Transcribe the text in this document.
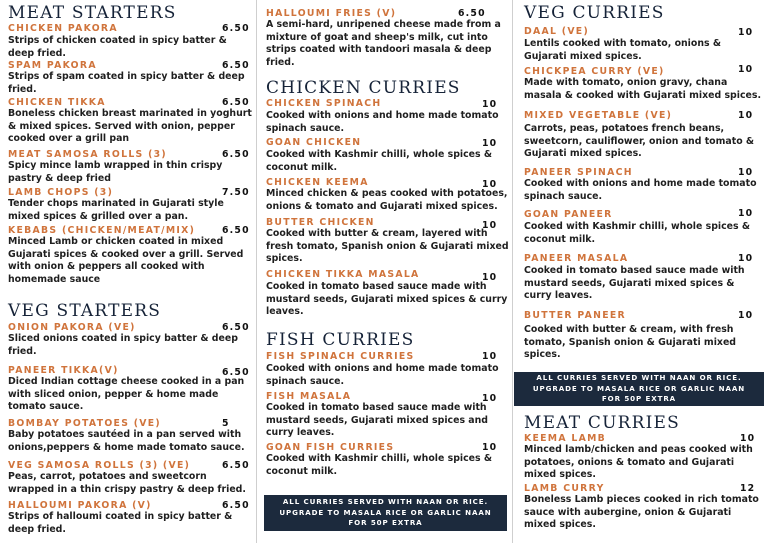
MEAT STARTERS
CHICKEN PAKORA	6.50
Strips of chicken coated in spicy batter & deep fried.
SPAM PAKORA	6.50
Strips of spam coated in spicy batter & deep fried.
CHICKEN TIKKA	6.50
Boneless chicken breast marinated in yoghurt & mixed spices. Served with onion, pepper cooked over a grill pan
MEAT SAMOSA ROLLS (3)	6.50
Spicy mince lamb wrapped in thin crispy pastry & deep fried
LAMB CHOPS (3)	7.50
Tender chops marinated in Gujarati style mixed spices & grilled over a pan.
KEBABS (CHICKEN/MEAT/MIX)	6.50
Minced Lamb or chicken coated in mixed Gujarati spices & cooked over a grill. Served with onion & peppers all cooked with homemade sauce
VEG STARTERS
ONION PAKORA (VE)	6.50
Sliced onions coated in spicy batter & deep fried.
PANEER TIKKA(V)	6.50
Diced Indian cottage cheese cooked in a pan with sliced onion, pepper & home made tomato sauce.
BOMBAY POTATOES (VE)	5
Baby potatoes sautéed in a pan served with onions,peppers & home made tomato sauce.
VEG SAMOSA ROLLS (3) (VE)	6.50
Peas, carrot, potatoes and sweetcorn wrapped in a thin crispy pastry & deep fried.
HALLOUMI PAKORA (V)	6.50
Strips of halloumi coated in spicy batter & deep fried.
HALLOUMI FRIES (V)	6.50
A semi-hard, unripened cheese made from a mixture of goat and sheep's milk, cut into strips coated with tandoori masala & deep fried.
CHICKEN CURRIES
CHICKEN SPINACH	10
Cooked with onions and home made tomato spinach sauce.
GOAN CHICKEN	10
Cooked with Kashmir chilli, whole spices & coconut milk.
CHICKEN KEEMA	10
Minced chicken & peas cooked with potatoes, onions & tomato and Gujarati mixed spices.
BUTTER CHICKEN	10
Cooked with butter & cream, layered with fresh tomato, Spanish onion & Gujarati mixed spices.
CHICKEN TIKKA MASALA	10
Cooked in tomato based sauce made with mustard seeds, Gujarati mixed spices & curry leaves.
FISH CURRIES
FISH SPINACH CURRIES	10
Cooked with onions and home made tomato spinach sauce.
FISH MASALA	10
Cooked in tomato based sauce made with mustard seeds, Gujarati mixed spices and curry leaves.
GOAN FISH CURRIES	10
Cooked with Kashmir chilli, whole spices & coconut milk.
ALL CURRIES SERVED WITH NAAN OR RICE.
UPGRADE TO MASALA RICE OR GARLIC NAAN
FOR 50P EXTRA
VEG CURRIES
DAAL (VE)	10
Lentils cooked with tomato, onions & Gujarati mixed spices.
CHICKPEA CURRY (VE)	10
Made with tomato, onion gravy, chana masala & cooked with Gujarati mixed spices.
MIXED VEGETABLE (VE)	10
Carrots, peas, potatoes french beans, sweetcorn, cauliflower, onion and tomato & Gujarati mixed spices.
PANEER SPINACH	10
Cooked with onions and home made tomato spinach sauce.
GOAN PANEER	10
Cooked with Kashmir chilli, whole spices & coconut milk.
PANEER MASALA	10
Cooked in tomato based sauce made with mustard seeds, Gujarati mixed spices & curry leaves.
BUTTER PANEER	10
Cooked with butter & cream, with fresh tomato, Spanish onion & Gujarati mixed spices.
ALL CURRIES SERVED WITH NAAN OR RICE.
UPGRADE TO MASALA RICE OR GARLIC NAAN
FOR 50P EXTRA
MEAT CURRIES
KEEMA LAMB	10
Minced lamb/chicken and peas cooked with potatoes, onions & tomato and Gujarati mixed spices.
LAMB CURRY	12
Boneless Lamb pieces cooked in rich tomato sauce with aubergine, onion & Gujarati mixed spices.
